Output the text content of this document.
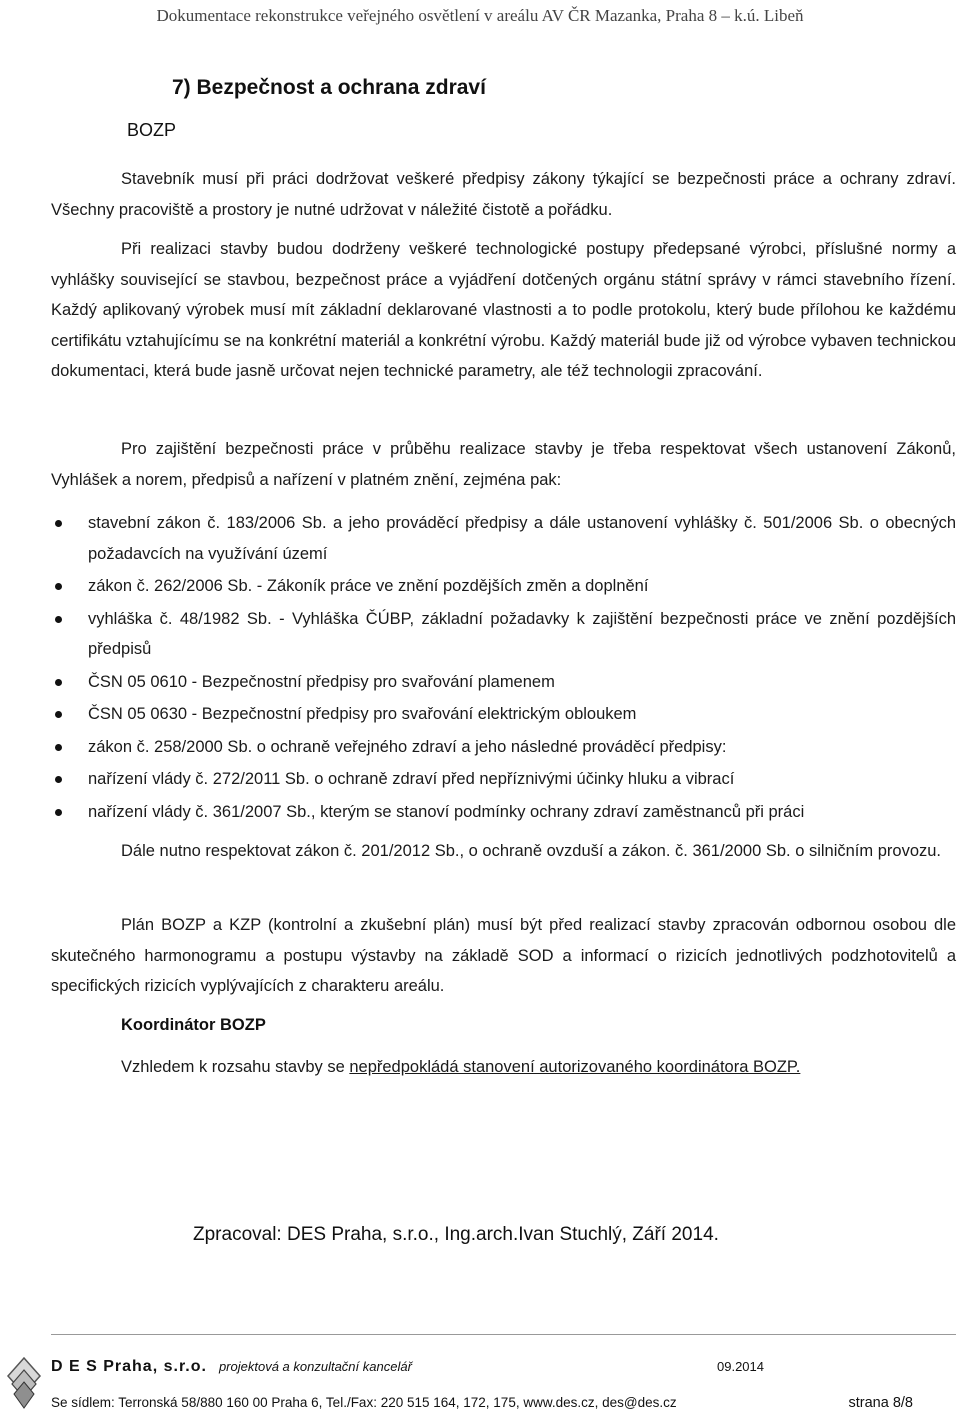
Dokumentace rekonstrukce veřejného osvětlení v areálu AV ČR Mazanka, Praha 8 – k.ú. Libeň
7) Bezpečnost a ochrana zdraví
BOZP

Stavebník musí při práci dodržovat veškeré předpisy zákony týkající se bezpečnosti práce a ochrany zdraví. Všechny pracoviště a prostory je nutné udržovat v náležité čistotě a pořádku.

Při realizaci stavby budou dodrženy veškeré technologické postupy předepsané výrobci, příslušné normy a vyhlášky související se stavbou, bezpečnost práce a vyjádření dotčených orgánu státní správy v rámci stavebního řízení. Každý aplikovaný výrobek musí mít základní deklarované vlastnosti a to podle protokolu, který bude přílohou ke každému certifikátu vztahujícímu se na konkrétní materiál a konkrétní výrobu. Každý materiál bude již od výrobce vybaven technickou dokumentaci, která bude jasně určovat nejen technické parametry, ale též technologii zpracování.

Pro zajištění bezpečnosti práce v průběhu realizace stavby je třeba respektovat všech ustanovení Zákonů, Vyhlášek a norem, předpisů a nařízení v platném znění, zejména pak:

stavební zákon č. 183/2006 Sb. a jeho prováděcí předpisy a dále ustanovení vyhlášky č. 501/2006 Sb. o obecných požadavcích na využívání území
zákon č. 262/2006 Sb. - Zákoník práce ve znění pozdějších změn a doplnění
vyhláška č. 48/1982 Sb. - Vyhláška ČÚBP, základní požadavky k zajištění bezpečnosti práce ve znění pozdějších předpisů
ČSN 05 0610 - Bezpečnostní předpisy pro svařování plamenem
ČSN 05 0630 - Bezpečnostní předpisy pro svařování elektrickým obloukem
zákon č. 258/2000 Sb. o ochraně veřejného zdraví a jeho následné prováděcí předpisy:
nařízení vlády č. 272/2011 Sb. o ochraně zdraví před nepříznivými účinky hluku a vibrací
nařízení vlády č. 361/2007 Sb., kterým se stanoví podmínky ochrany zdraví zaměstnanců při práci

Dále nutno respektovat zákon č. 201/2012 Sb., o ochraně ovzduší a zákon. č. 361/2000 Sb. o silničním provozu.

Plán BOZP a KZP (kontrolní a zkušební plán) musí být před realizací stavby zpracován odbornou osobou dle skutečného harmonogramu a postupu výstavby na základě SOD a informací o rizicích jednotlivých podzhotovitelů a specifických rizicích vyplývajících z charakteru areálu.

Koordinátor BOZP
Vzhledem k rozsahu stavby se nepředpokládá stanovení autorizovaného koordinátora BOZP.
Zpracoval: DES Praha, s.r.o., Ing.arch.Ivan Stuchlý, Září 2014.
D E S Praha, s.r.o. projektová a konzultační kancelář	09.2014
Se sídlem: Terronská 58/880 160 00 Praha 6, Tel./Fax: 220 515 164, 172, 175, www.des.cz, des@des.cz	strana 8/8
